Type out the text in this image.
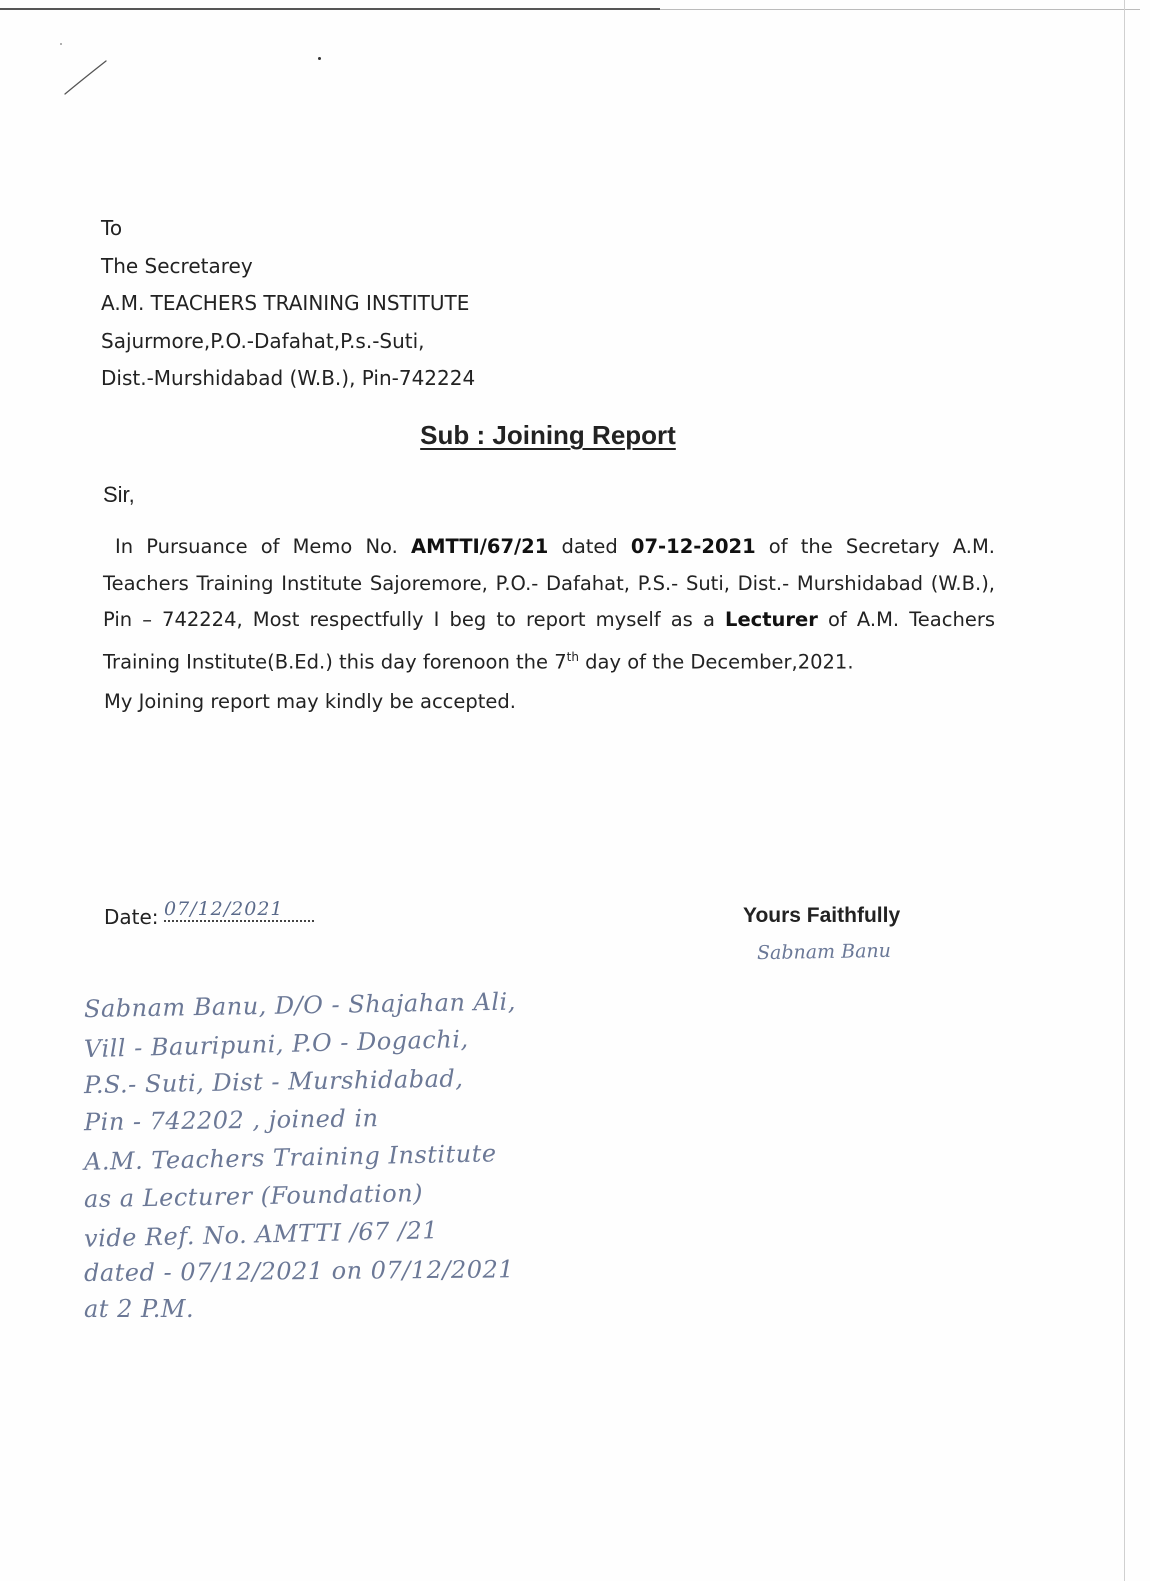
To
The Secretarey
A.M. TEACHERS TRAINING INSTITUTE
Sajurmore,P.O.-Dafahat,P.s.-Suti,
Dist.-Murshidabad (W.B.), Pin-742224
Sub : Joining Report
Sir,
In Pursuance of Memo No. AMTTI/67/21 dated 07-12-2021 of the Secretary A.M. Teachers Training Institute Sajoremore, P.O.- Dafahat, P.S.- Suti, Dist.- Murshidabad (W.B.), Pin – 742224, Most respectfully I beg to report myself as a Lecturer of A.M. Teachers Training Institute(B.Ed.) this day forenoon the 7th day of the December,2021.
My Joining report may kindly be accepted.
Date: 07/12/2021	Yours Faithfully
Sabnam Banu
Sabnam Banu, D/O - Shajahan Ali,
Vill - Bauripuni, P.O - Dogachi,
P.S.- Suti, Dist - Murshidabad,
Pin - 742202 , joined in
A.M. Teachers Training Institute
as a Lecturer (Foundation)
vide Ref. No. AMTTI /67 /21
dated - 07/12/2021 on 07/12/2021
at 2 P.M.
